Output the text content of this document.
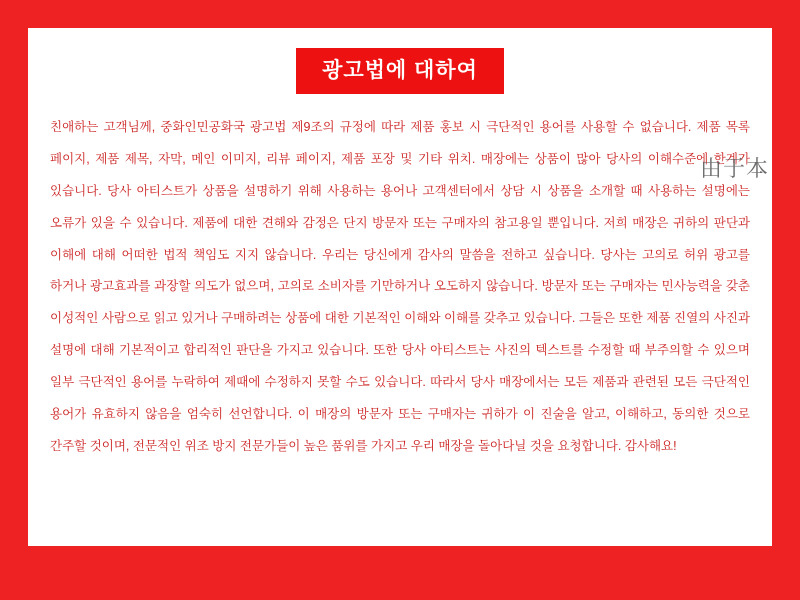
광고법에 대하여
친애하는 고객님께, 중화인민공화국 광고법 제9조의 규정에 따라 제품 홍보 시 극단적인 용어를 사용할 수 없습니다. 제품 목록 페이지, 제품 제목, 자막, 메인 이미지, 리뷰 페이지, 제품 포장 및 기타 위치. 매장에는 상품이 많아 당사의 이해수준에 한계가 있습니다. 당사 아티스트가 상품을 설명하기 위해 사용하는 용어나 고객센터에서 상담 시 상품을 소개할 때 사용하는 설명에는 오류가 있을 수 있습니다. 제품에 대한 견해와 감정은 단지 방문자 또는 구매자의 참고용일 뿐입니다. 저희 매장은 귀하의 판단과 이해에 대해 어떠한 법적 책임도 지지 않습니다. 우리는 당신에게 감사의 말씀을 전하고 싶습니다. 당사는 고의로 허위 광고를 하거나 광고효과를 과장할 의도가 없으며, 고의로 소비자를 기만하거나 오도하지 않습니다. 방문자 또는 구매자는 민사능력을 갖춘 이성적인 사람으로 읽고 있거나 구매하려는 상품에 대한 기본적인 이해와 이해를 갖추고 있습니다. 그들은 또한 제품 진열의 사진과 설명에 대해 기본적이고 합리적인 판단을 가지고 있습니다. 또한 당사 아티스트는 사진의 텍스트를 수정할 때 부주의할 수 있으며 일부 극단적인 용어를 누락하여 제때에 수정하지 못할 수도 있습니다. 따라서 당사 매장에서는 모든 제품과 관련된 모든 극단적인 용어가 유효하지 않음을 엄숙히 선언합니다. 이 매장의 방문자 또는 구매자는 귀하가 이 진술을 알고, 이해하고, 동의한 것으로 간주할 것이며, 전문적인 위조 방지 전문가들이 높은 품위를 가지고 우리 매장을 돌아다닐 것을 요청합니다. 감사해요!
由于本
